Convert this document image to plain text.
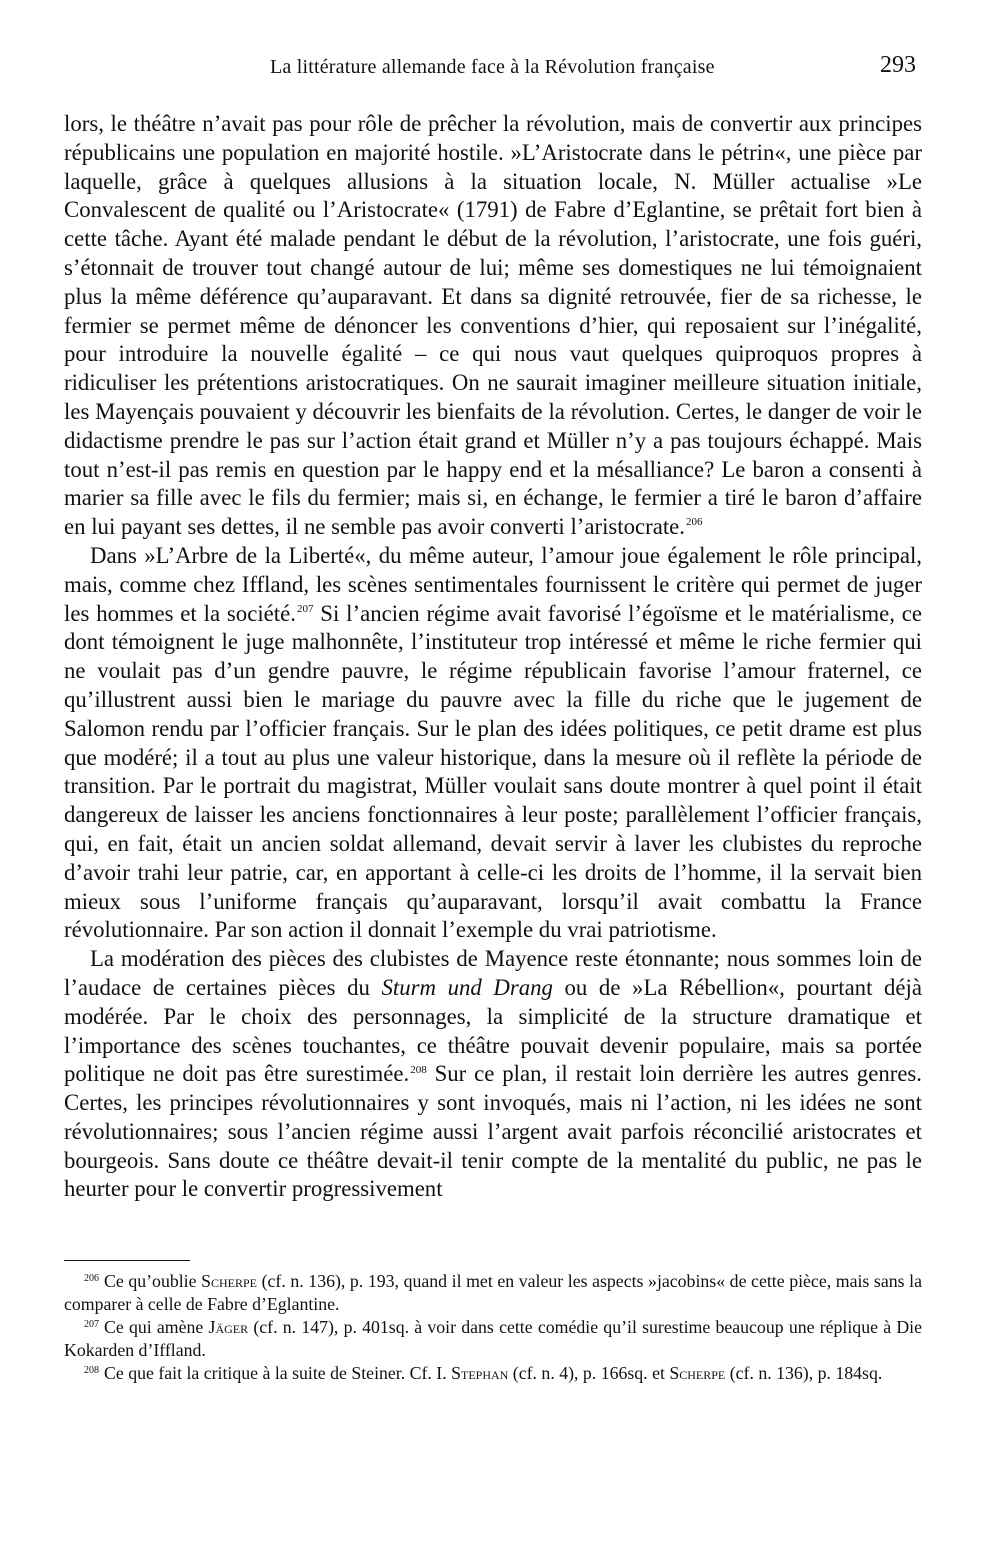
La littérature allemande face à la Révolution française	293

lors, le théâtre n’avait pas pour rôle de prêcher la révolution, mais de convertir aux principes républicains une population en majorité hostile. »L’Aristocrate dans le pétrin«, une pièce par laquelle, grâce à quelques allusions à la situation locale, N. Müller actualise »Le Convalescent de qualité ou l’Aristocrate« (1791) de Fabre d’Eglantine, se prêtait fort bien à cette tâche. Ayant été malade pendant le début de la révolution, l’aristocrate, une fois guéri, s’étonnait de trouver tout changé autour de lui; même ses domestiques ne lui témoignaient plus la même déférence qu’auparavant. Et dans sa dignité retrouvée, fier de sa richesse, le fermier se permet même de dénoncer les conventions d’hier, qui reposaient sur l’inégalité, pour introduire la nouvelle égalité – ce qui nous vaut quelques quiproquos propres à ridiculiser les prétentions aristocratiques. On ne saurait imaginer meilleure situation initiale, les Mayençais pouvaient y découvrir les bienfaits de la révolution. Certes, le danger de voir le didactisme prendre le pas sur l’action était grand et Müller n’y a pas toujours échappé. Mais tout n’est-il pas remis en question par le happy end et la mésalliance? Le baron a consenti à marier sa fille avec le fils du fermier; mais si, en échange, le fermier a tiré le baron d’affaire en lui payant ses dettes, il ne semble pas avoir converti l’aristocrate.$^{206}$

Dans »L’Arbre de la Liberté«, du même auteur, l’amour joue également le rôle principal, mais, comme chez Iffland, les scènes sentimentales fournissent le critère qui permet de juger les hommes et la société.$^{207}$ Si l’ancien régime avait favorisé l’égoïsme et le matérialisme, ce dont témoignent le juge malhonnête, l’instituteur trop intéressé et même le riche fermier qui ne voulait pas d’un gendre pauvre, le régime républicain favorise l’amour fraternel, ce qu’illustrent aussi bien le mariage du pauvre avec la fille du riche que le jugement de Salomon rendu par l’officier français. Sur le plan des idées politiques, ce petit drame est plus que modéré; il a tout au plus une valeur historique, dans la mesure où il reflète la période de transition. Par le portrait du magistrat, Müller voulait sans doute montrer à quel point il était dangereux de laisser les anciens fonctionnaires à leur poste; parallèlement l’officier français, qui, en fait, était un ancien soldat allemand, devait servir à laver les clubistes du reproche d’avoir trahi leur patrie, car, en apportant à celle-ci les droits de l’homme, il la servait bien mieux sous l’uniforme français qu’auparavant, lorsqu’il avait combattu la France révolutionnaire. Par son action il donnait l’exemple du vrai patriotisme.

La modération des pièces des clubistes de Mayence reste étonnante; nous sommes loin de l’audace de certaines pièces du Sturm und Drang ou de »La Rébellion«, pourtant déjà modérée. Par le choix des personnages, la simplicité de la structure dramatique et l’importance des scènes touchantes, ce théâtre pouvait devenir populaire, mais sa portée politique ne doit pas être surestimée.$^{208}$ Sur ce plan, il restait loin derrière les autres genres. Certes, les principes révolutionnaires y sont invoqués, mais ni l’action, ni les idées ne sont révolutionnaires; sous l’ancien régime aussi l’argent avait parfois réconcilié aristocrates et bourgeois. Sans doute ce théâtre devait-il tenir compte de la mentalité du public, ne pas le heurter pour le convertir progressivement

$^{206}$ Ce qu’oublie Scherpe (cf. n. 136), p. 193, quand il met en valeur les aspects »jacobins« de cette pièce, mais sans la comparer à celle de Fabre d’Eglantine.

$^{207}$ Ce qui amène Jäger (cf. n. 147), p. 401sq. à voir dans cette comédie qu’il surestime beaucoup une réplique à Die Kokarden d’Iffland.

$^{208}$ Ce que fait la critique à la suite de Steiner. Cf. I. Stephan (cf. n. 4), p. 166sq. et Scherpe (cf. n. 136), p. 184sq.
